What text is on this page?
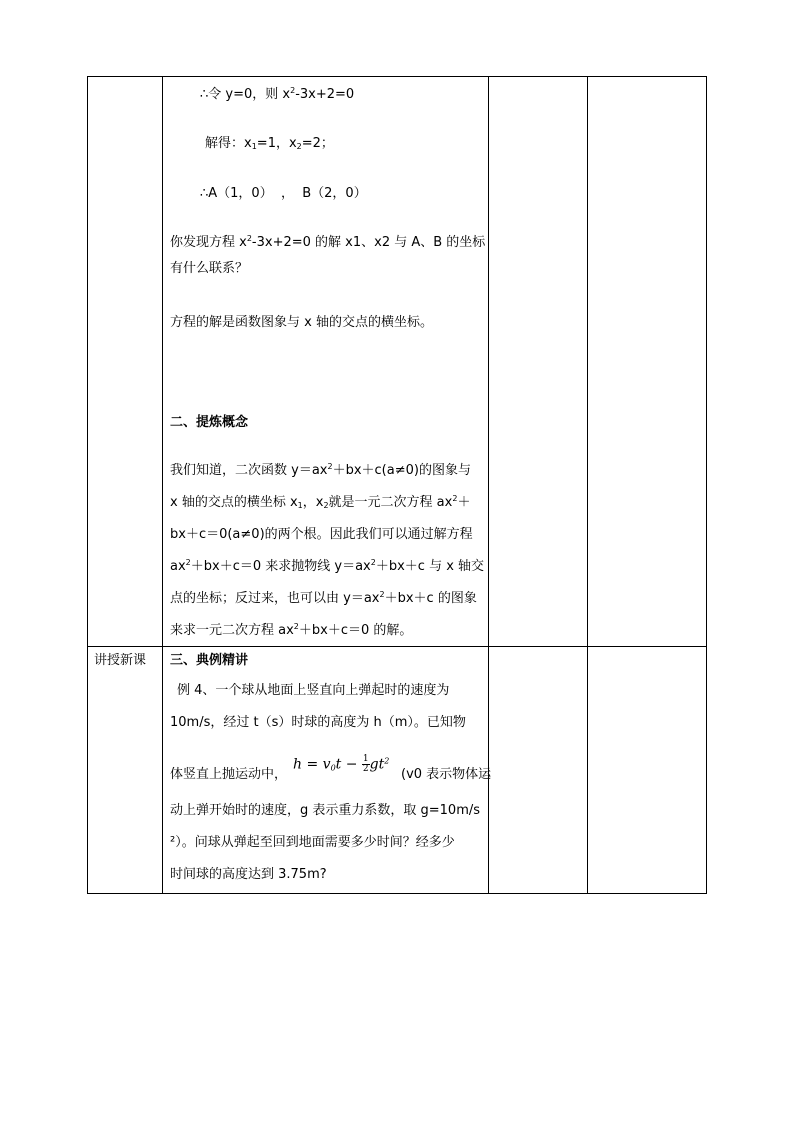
∴令 y=0，则 $x^2-3x+2=0$
解得：$x_1=1$，$x_2=2$；
∴A（1，0）  ，  B（2，0）
你发现方程 $x^2-3x+2=0$ 的解 x1、x2 与 A、B 的坐标
有什么联系？
方程的解是函数图象与 x 轴的交点的横坐标。
二、提炼概念
我们知道，二次函数 $y=ax^2+bx+c(a\ne 0)$的图象与
x 轴的交点的横坐标 $x_1$，$x_2$就是一元二次方程 $ax^2+$
bx＋c＝0(a≠0)的两个根。因此我们可以通过解方程
$ax^2+bx+c=0$ 来求抛物线 $y=ax^2+bx+c$ 与 x 轴交
点的坐标；反过来，也可以由 $y=ax^2+bx+c$ 的图象
来求一元二次方程 $ax^2+bx+c=0$ 的解。
讲授新课 三、典例精讲
例 4、一个球从地面上竖直向上弹起时的速度为
10m/s，经过 t（s）时球的高度为 h（m）。已知物
体竖直上抛运动中，
$h = v_0t - \frac{1}{2} gt^2$
(v0 表示物体运
动上弹开始时的速度，g 表示重力系数，取 g=10m/s
²）。问球从弹起至回到地面需要多少时间？经多少
时间球的高度达到 3.75m?
